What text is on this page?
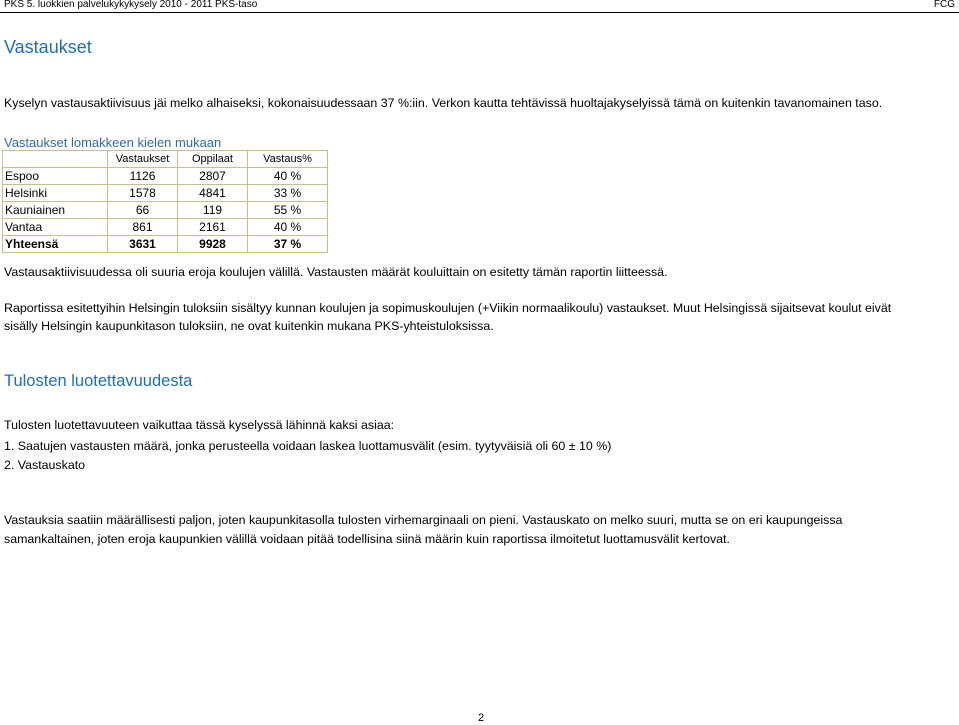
PKS 5. luokkien palvelukykykysely 2010 - 2011 PKS-taso	FCG
Vastaukset
Kyselyn vastausaktiivisuus jäi melko alhaiseksi, kokonaisuudessaan 37 %:iin. Verkon kautta tehtävissä huoltajakyselyissä tämä on kuitenkin tavanomainen taso.
Vastaukset lomakkeen kielen mukaan
	Vastaukset	Oppilaat	Vastaus%
Espoo	1126	2807	40 %
Helsinki	1578	4841	33 %
Kauniainen	66	119	55 %
Vantaa	861	2161	40 %
Yhteensä	3631	9928	37 %
Vastausaktiivisuudessa oli suuria eroja koulujen välillä. Vastausten määrät kouluittain on esitetty tämän raportin liitteessä.
Raportissa esitettyihin Helsingin tuloksiin sisältyy kunnan koulujen ja sopimuskoulujen (+Viikin normaalikoulu) vastaukset. Muut Helsingissä sijaitsevat koulut eivät
sisälly Helsingin kaupunkitason tuloksiin, ne ovat kuitenkin mukana PKS-yhteistuloksissa.
Tulosten luotettavuudesta
Tulosten luotettavuuteen vaikuttaa tässä kyselyssä lähinnä kaksi asiaa:
1. Saatujen vastausten määrä, jonka perusteella voidaan laskea luottamusvälit (esim. tyytyväisiä oli 60 ± 10 %)
2. Vastauskato
Vastauksia saatiin määrällisesti paljon, joten kaupunkitasolla tulosten virhemarginaali on pieni. Vastauskato on melko suuri, mutta se on eri kaupungeissa
samankaltainen, joten eroja kaupunkien välillä voidaan pitää todellisina siinä määrin kuin raportissa ilmoitetut luottamusvälit kertovat.
2
